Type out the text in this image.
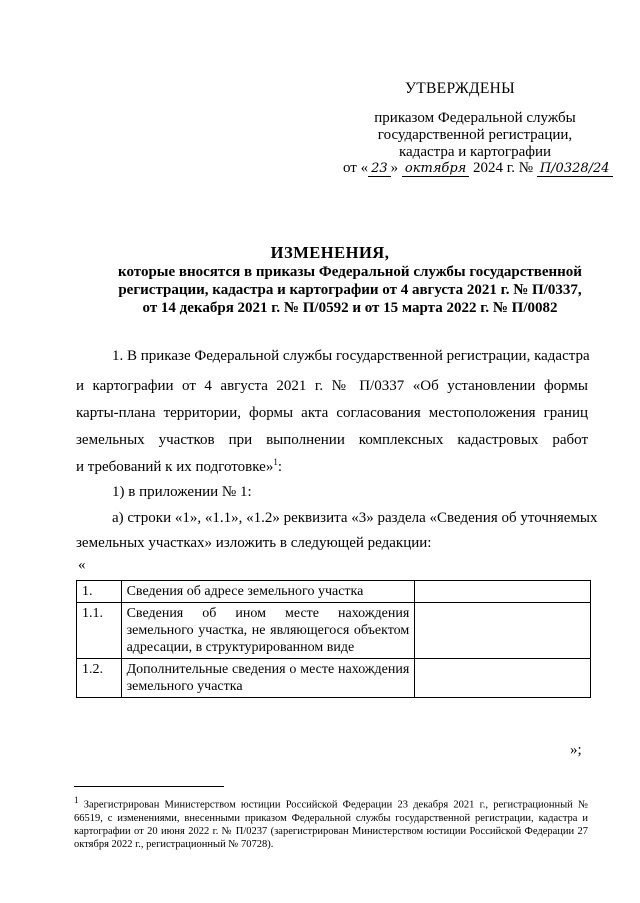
УТВЕРЖДЕНЫ
приказом Федеральной службы
государственной регистрации,
кадастра и картографии
от « 23 » октября 2024 г. № П/0328/24
ИЗМЕНЕНИЯ,
которые вносятся в приказы Федеральной службы государственной
регистрации, кадастра и картографии от 4 августа 2021 г. № П/0337,
от 14 декабря 2021 г. № П/0592 и от 15 марта 2022 г. № П/0082
1. В приказе Федеральной службы государственной регистрации, кадастра
и картографии от 4 августа 2021 г. № П/0337 «Об установлении формы
карты-плана территории, формы акта согласования местоположения границ
земельных участков при выполнении комплексных кадастровых работ
и требований к их подготовке»$^1$:
1) в приложении № 1:
а) строки «1», «1.1», «1.2» реквизита «3» раздела «Сведения об уточняемых
земельных участках» изложить в следующей редакции:
«
1.	Сведения об адресе земельного участка	
1.1.	Сведения об ином месте нахождения земельного участка, не являющегося объектом адресации, в структурированном виде	
1.2.	Дополнительные сведения о месте нахождения земельного участка	
»;
1 Зарегистрирован Министерством юстиции Российской Федерации 23 декабря 2021 г., регистрационный № 66519, с изменениями, внесенными приказом Федеральной службы государственной регистрации, кадастра и картографии от 20 июня 2022 г. № П/0237 (зарегистрирован Министерством юстиции Российской Федерации 27 октября 2022 г., регистрационный № 70728).
